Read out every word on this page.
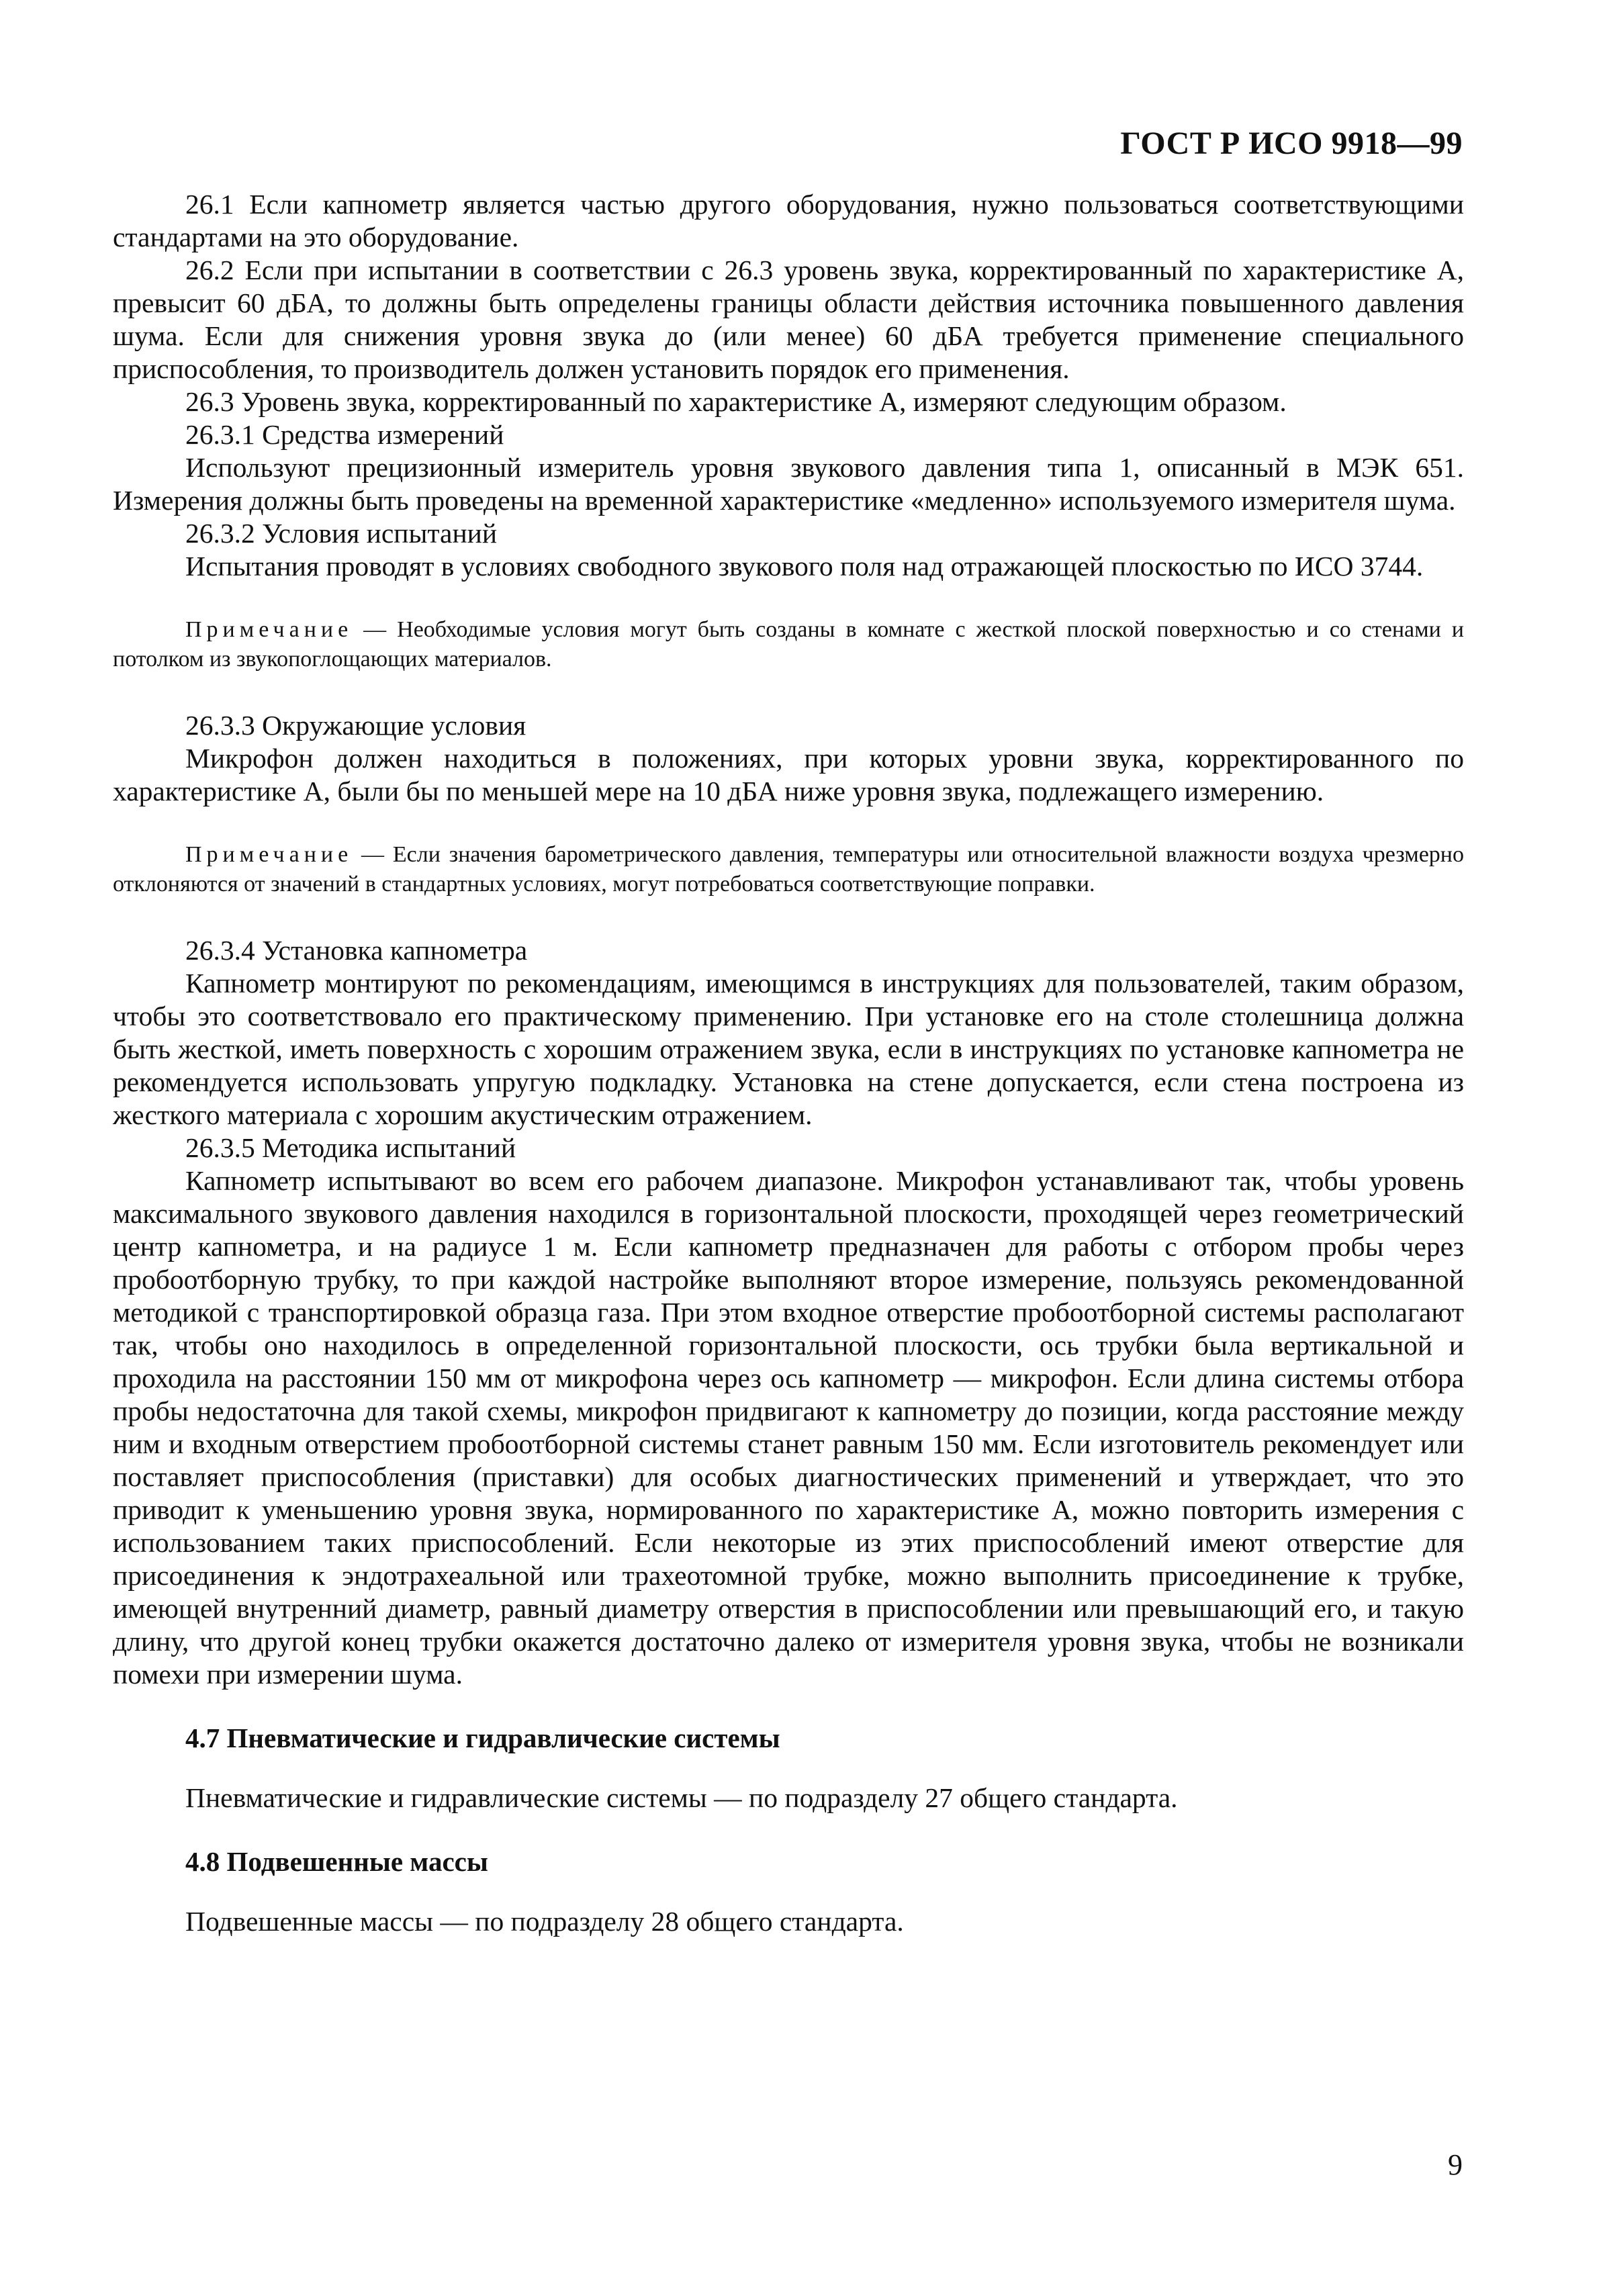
ГОСТ Р ИСО 9918—99

26.1 Если капнометр является частью другого оборудования, нужно пользоваться соответствующими стандартами на это оборудование.

26.2 Если при испытании в соответствии с 26.3 уровень звука, корректированный по характеристике А, превысит 60 дБА, то должны быть определены границы области действия источника повышенного давления шума. Если для снижения уровня звука до (или менее) 60 дБА требуется применение специального приспособления, то производитель должен установить порядок его применения.

26.3 Уровень звука, корректированный по характеристике А, измеряют следующим образом.

26.3.1 Средства измерений

Используют прецизионный измеритель уровня звукового давления типа 1, описанный в МЭК 651. Измерения должны быть проведены на временной характеристике «медленно» используемого измерителя шума.

26.3.2 Условия испытаний

Испытания проводят в условиях свободного звукового поля над отражающей плоскостью по ИСО 3744.

Примечание — Необходимые условия могут быть созданы в комнате с жесткой плоской поверхностью и со стенами и потолком из звукопоглощающих материалов.

26.3.3 Окружающие условия

Микрофон должен находиться в положениях, при которых уровни звука, корректированного по характеристике А, были бы по меньшей мере на 10 дБА ниже уровня звука, подлежащего измерению.

Примечание — Если значения барометрического давления, температуры или относительной влажности воздуха чрезмерно отклоняются от значений в стандартных условиях, могут потребоваться соответствующие поправки.

26.3.4 Установка капнометра

Капнометр монтируют по рекомендациям, имеющимся в инструкциях для пользователей, таким образом, чтобы это соответствовало его практическому применению. При установке его на столе столешница должна быть жесткой, иметь поверхность с хорошим отражением звука, если в инструкциях по установке капнометра не рекомендуется использовать упругую подкладку. Установка на стене допускается, если стена построена из жесткого материала с хорошим акустическим отражением.

26.3.5 Методика испытаний

Капнометр испытывают во всем его рабочем диапазоне. Микрофон устанавливают так, чтобы уровень максимального звукового давления находился в горизонтальной плоскости, проходящей через геометрический центр капнометра, и на радиусе 1 м. Если капнометр предназначен для работы с отбором пробы через пробоотборную трубку, то при каждой настройке выполняют второе измерение, пользуясь рекомендованной методикой с транспортировкой образца газа. При этом входное отверстие пробоотборной системы располагают так, чтобы оно находилось в определенной горизонтальной плоскости, ось трубки была вертикальной и проходила на расстоянии 150 мм от микрофона через ось капнометр — микрофон. Если длина системы отбора пробы недостаточна для такой схемы, микрофон придвигают к капнометру до позиции, когда расстояние между ним и входным отверстием пробоотборной системы станет равным 150 мм. Если изготовитель рекомендует или поставляет приспособления (приставки) для особых диагностических применений и утверждает, что это приводит к уменьшению уровня звука, нормированного по характеристике А, можно повторить измерения с использованием таких приспособлений. Если некоторые из этих приспособлений имеют отверстие для присоединения к эндотрахеальной или трахеотомной трубке, можно выполнить присоединение к трубке, имеющей внутренний диаметр, равный диаметру отверстия в приспособлении или превышающий его, и такую длину, что другой конец трубки окажется достаточно далеко от измерителя уровня звука, чтобы не возникали помехи при измерении шума.

4.7 Пневматические и гидравлические системы

Пневматические и гидравлические системы — по подразделу 27 общего стандарта.

4.8 Подвешенные массы

Подвешенные массы — по подразделу 28 общего стандарта.

9
